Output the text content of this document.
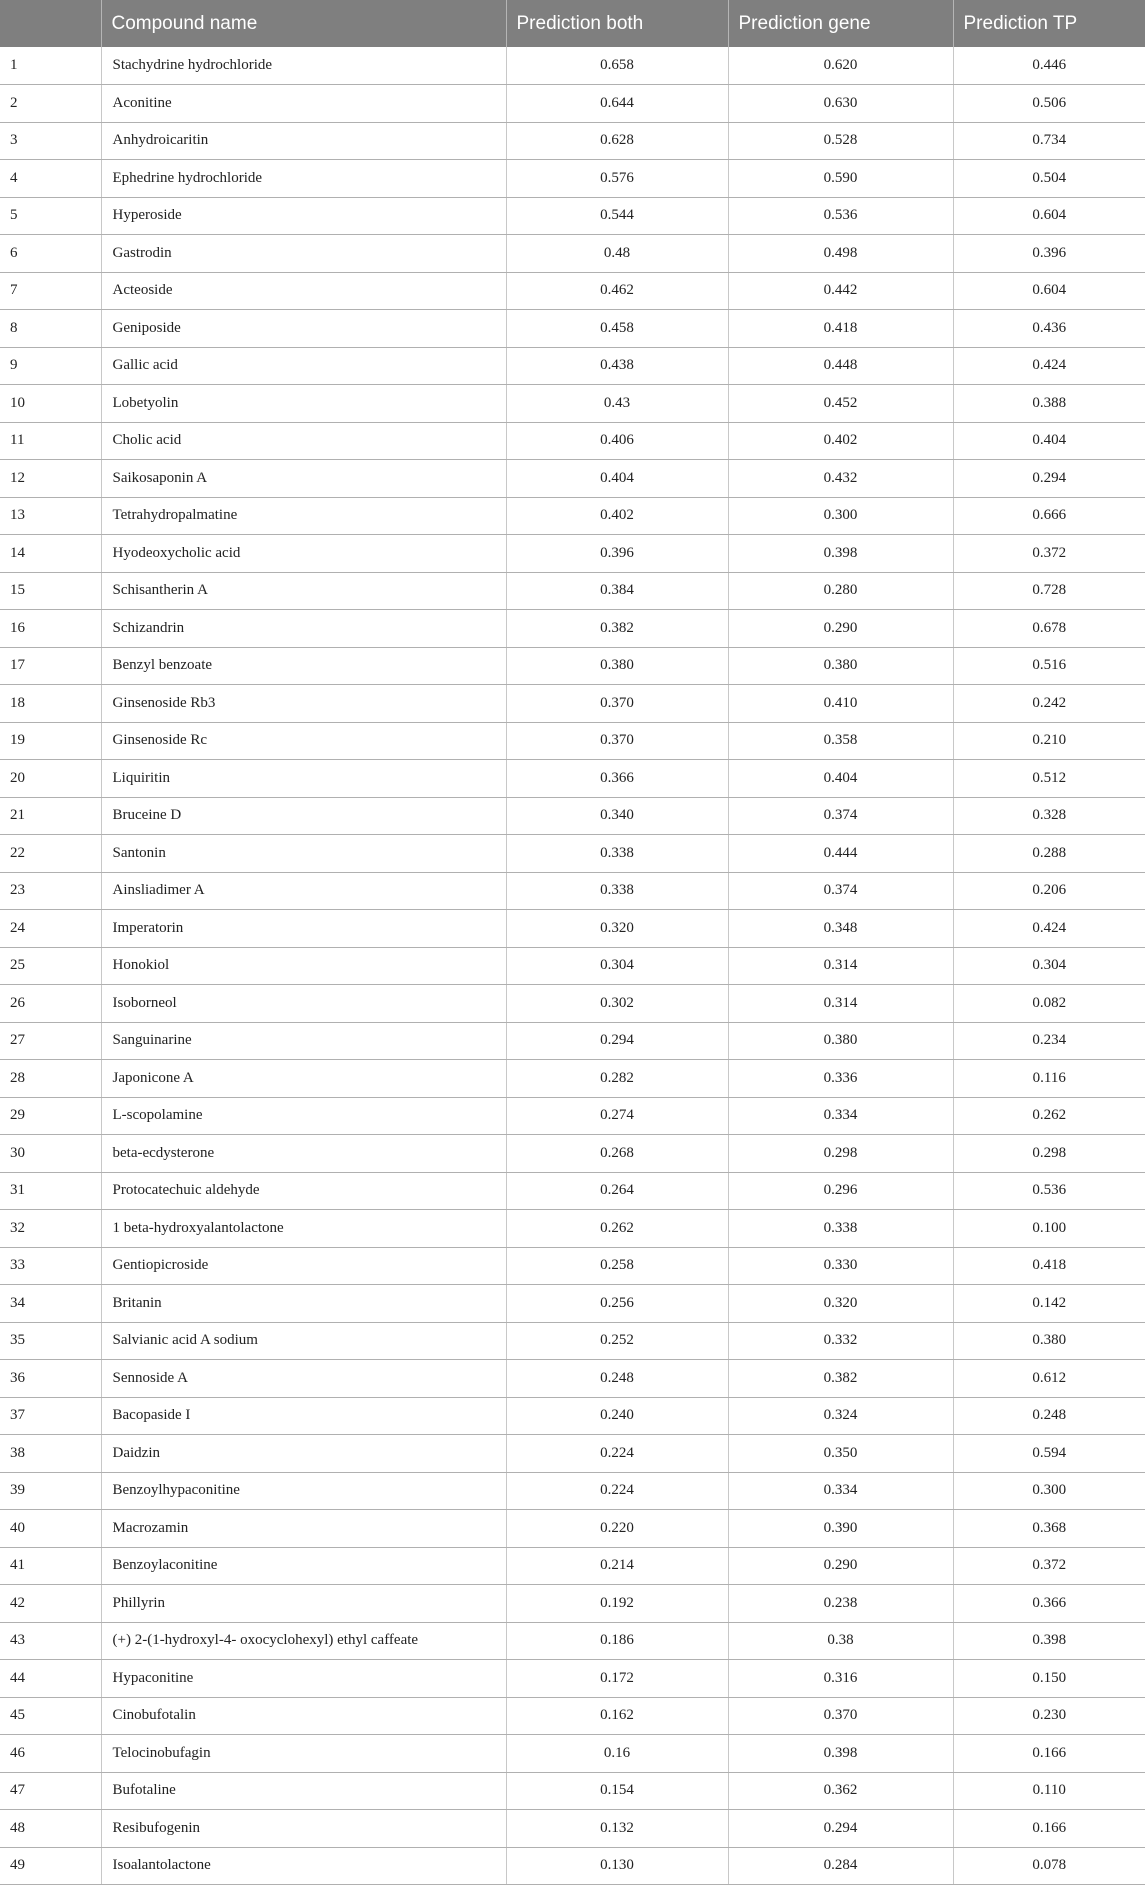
	Compound name	Prediction both	Prediction gene	Prediction TP
1	Stachydrine hydrochloride	0.658	0.620	0.446
2	Aconitine	0.644	0.630	0.506
3	Anhydroicaritin	0.628	0.528	0.734
4	Ephedrine hydrochloride	0.576	0.590	0.504
5	Hyperoside	0.544	0.536	0.604
6	Gastrodin	0.48	0.498	0.396
7	Acteoside	0.462	0.442	0.604
8	Geniposide	0.458	0.418	0.436
9	Gallic acid	0.438	0.448	0.424
10	Lobetyolin	0.43	0.452	0.388
11	Cholic acid	0.406	0.402	0.404
12	Saikosaponin A	0.404	0.432	0.294
13	Tetrahydropalmatine	0.402	0.300	0.666
14	Hyodeoxycholic acid	0.396	0.398	0.372
15	Schisantherin A	0.384	0.280	0.728
16	Schizandrin	0.382	0.290	0.678
17	Benzyl benzoate	0.380	0.380	0.516
18	Ginsenoside Rb3	0.370	0.410	0.242
19	Ginsenoside Rc	0.370	0.358	0.210
20	Liquiritin	0.366	0.404	0.512
21	Bruceine D	0.340	0.374	0.328
22	Santonin	0.338	0.444	0.288
23	Ainsliadimer A	0.338	0.374	0.206
24	Imperatorin	0.320	0.348	0.424
25	Honokiol	0.304	0.314	0.304
26	Isoborneol	0.302	0.314	0.082
27	Sanguinarine	0.294	0.380	0.234
28	Japonicone A	0.282	0.336	0.116
29	L-scopolamine	0.274	0.334	0.262
30	beta-ecdysterone	0.268	0.298	0.298
31	Protocatechuic aldehyde	0.264	0.296	0.536
32	1 beta-hydroxyalantolactone	0.262	0.338	0.100
33	Gentiopicroside	0.258	0.330	0.418
34	Britanin	0.256	0.320	0.142
35	Salvianic acid A sodium	0.252	0.332	0.380
36	Sennoside A	0.248	0.382	0.612
37	Bacopaside I	0.240	0.324	0.248
38	Daidzin	0.224	0.350	0.594
39	Benzoylhypaconitine	0.224	0.334	0.300
40	Macrozamin	0.220	0.390	0.368
41	Benzoylaconitine	0.214	0.290	0.372
42	Phillyrin	0.192	0.238	0.366
43	(+) 2-(1-hydroxyl-4- oxocyclohexyl) ethyl caffeate	0.186	0.38	0.398
44	Hypaconitine	0.172	0.316	0.150
45	Cinobufotalin	0.162	0.370	0.230
46	Telocinobufagin	0.16	0.398	0.166
47	Bufotaline	0.154	0.362	0.110
48	Resibufogenin	0.132	0.294	0.166
49	Isoalantolactone	0.130	0.284	0.078
